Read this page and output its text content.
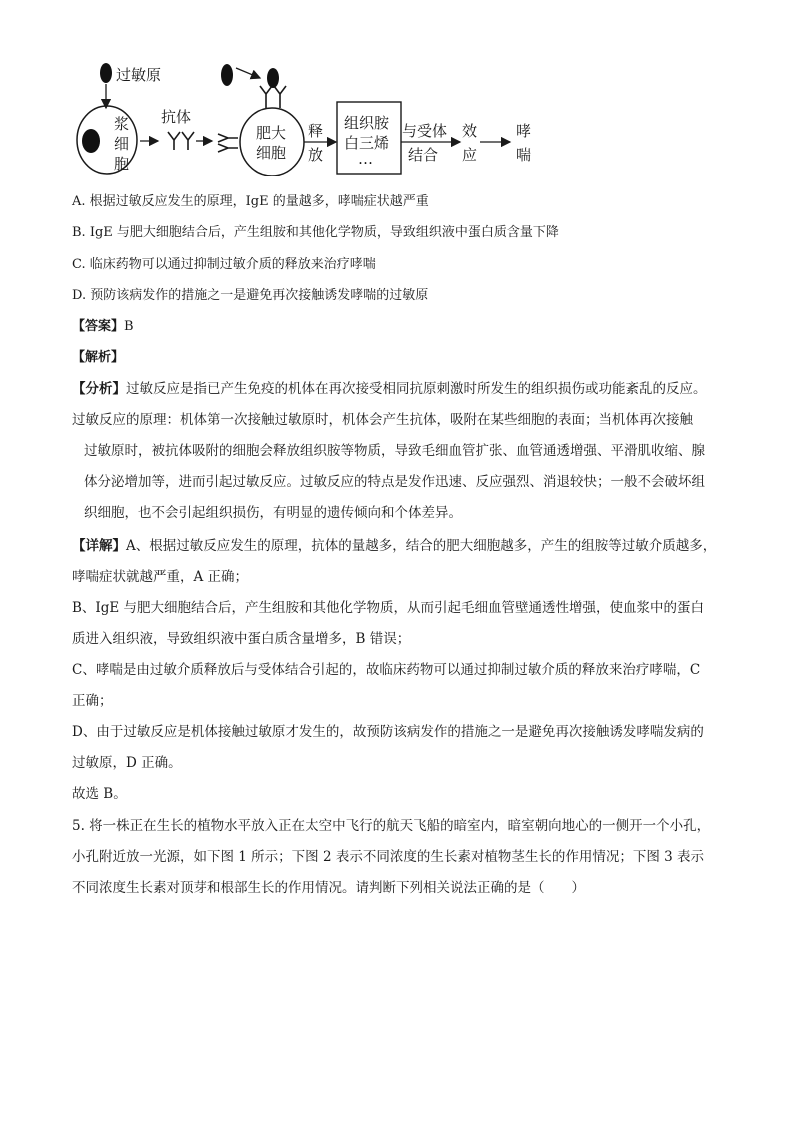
过敏原
浆
细
胞
抗体
肥大
细胞
释
放
组织胺
白三烯
…
与受体
结合
效
应
哮
喘
A. 根据过敏反应发生的原理，IgE 的量越多，哮喘症状越严重
B. IgE 与肥大细胞结合后，产生组胺和其他化学物质，导致组织液中蛋白质含量下降
C. 临床药物可以通过抑制过敏介质的释放来治疗哮喘
D. 预防该病发作的措施之一是避免再次接触诱发哮喘的过敏原
【答案】B
【解析】
【分析】过敏反应是指已产生免疫的机体在再次接受相同抗原刺激时所发生的组织损伤或功能紊乱的反应。
过敏反应的原理：机体第一次接触过敏原时，机体会产生抗体，吸附在某些细胞的表面；当机体再次接触
过敏原时，被抗体吸附的细胞会释放组织胺等物质，导致毛细血管扩张、血管通透增强、平滑肌收缩、腺
体分泌增加等，进而引起过敏反应。过敏反应的特点是发作迅速、反应强烈、消退较快；一般不会破坏组
织细胞，也不会引起组织损伤，有明显的遗传倾向和个体差异。
【详解】A、根据过敏反应发生的原理，抗体的量越多，结合的肥大细胞越多，产生的组胺等过敏介质越多，
哮喘症状就越严重，A 正确；
B、IgE 与肥大细胞结合后，产生组胺和其他化学物质，从而引起毛细血管壁通透性增强，使血浆中的蛋白
质进入组织液，导致组织液中蛋白质含量增多，B 错误；
C、哮喘是由过敏介质释放后与受体结合引起的，故临床药物可以通过抑制过敏介质的释放来治疗哮喘，C
正确；
D、由于过敏反应是机体接触过敏原才发生的，故预防该病发作的措施之一是避免再次接触诱发哮喘发病的
过敏原，D 正确。
故选 B。
5. 将一株正在生长的植物水平放入正在太空中飞行的航天飞船的暗室内，暗室朝向地心的一侧开一个小孔，
小孔附近放一光源，如下图 1 所示；下图 2 表示不同浓度的生长素对植物茎生长的作用情况；下图 3 表示
不同浓度生长素对顶芽和根部生长的作用情况。请判断下列相关说法正确的是（　　）
